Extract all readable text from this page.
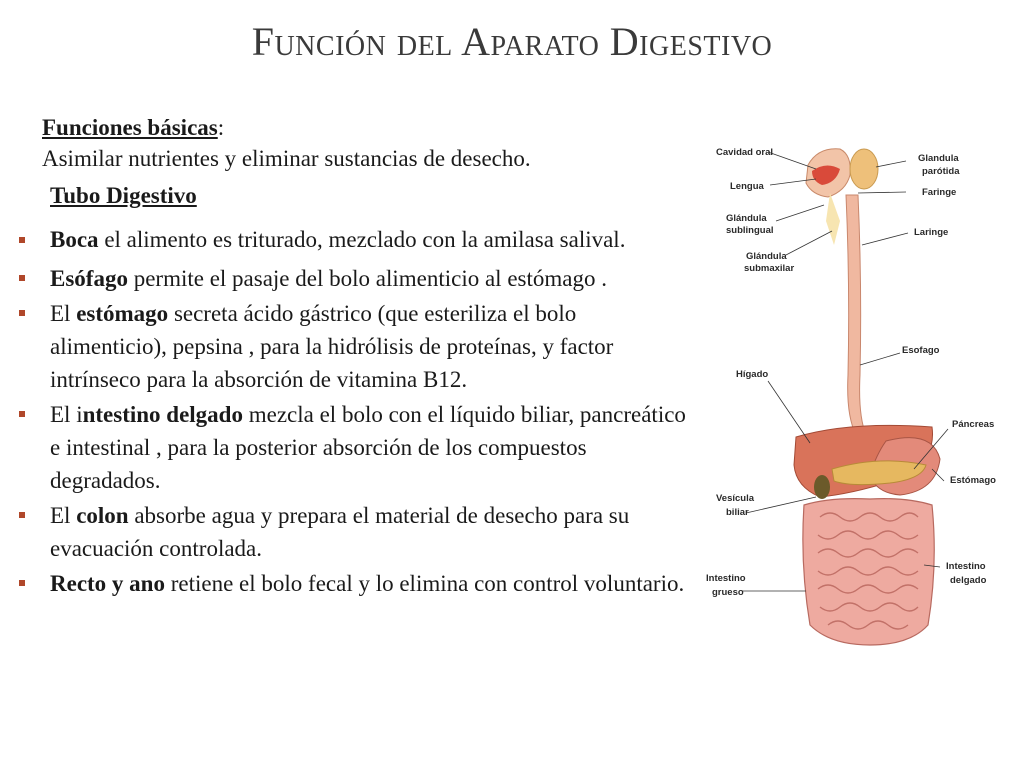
Función del Aparato Digestivo
Funciones básicas:
Asimilar nutrientes y eliminar sustancias de desecho.
Tubo Digestivo
Boca el alimento es triturado, mezclado con la amilasa salival.
Esófago permite el pasaje del bolo alimenticio al estómago .
El estómago secreta ácido gástrico (que esteriliza el bolo alimenticio), pepsina , para la hidrólisis de proteínas, y factor intrínseco para la absorción de vitamina B12.
El intestino delgado mezcla el bolo con el líquido biliar, pancreático e intestinal , para la posterior absorción de los compuestos degradados.
El colon absorbe agua y prepara el material de desecho para su evacuación controlada.
Recto y ano retiene el bolo fecal y lo elimina con control voluntario.
Cavidad oral
Lengua
Glándula
sublingual
Glándula
submaxilar
Glandula
parótida
Faringe
Laringe
Esofago
Hígado
Páncreas
Estómago
Vesícula
biliar
Intestino
delgado
Intestino
grueso
